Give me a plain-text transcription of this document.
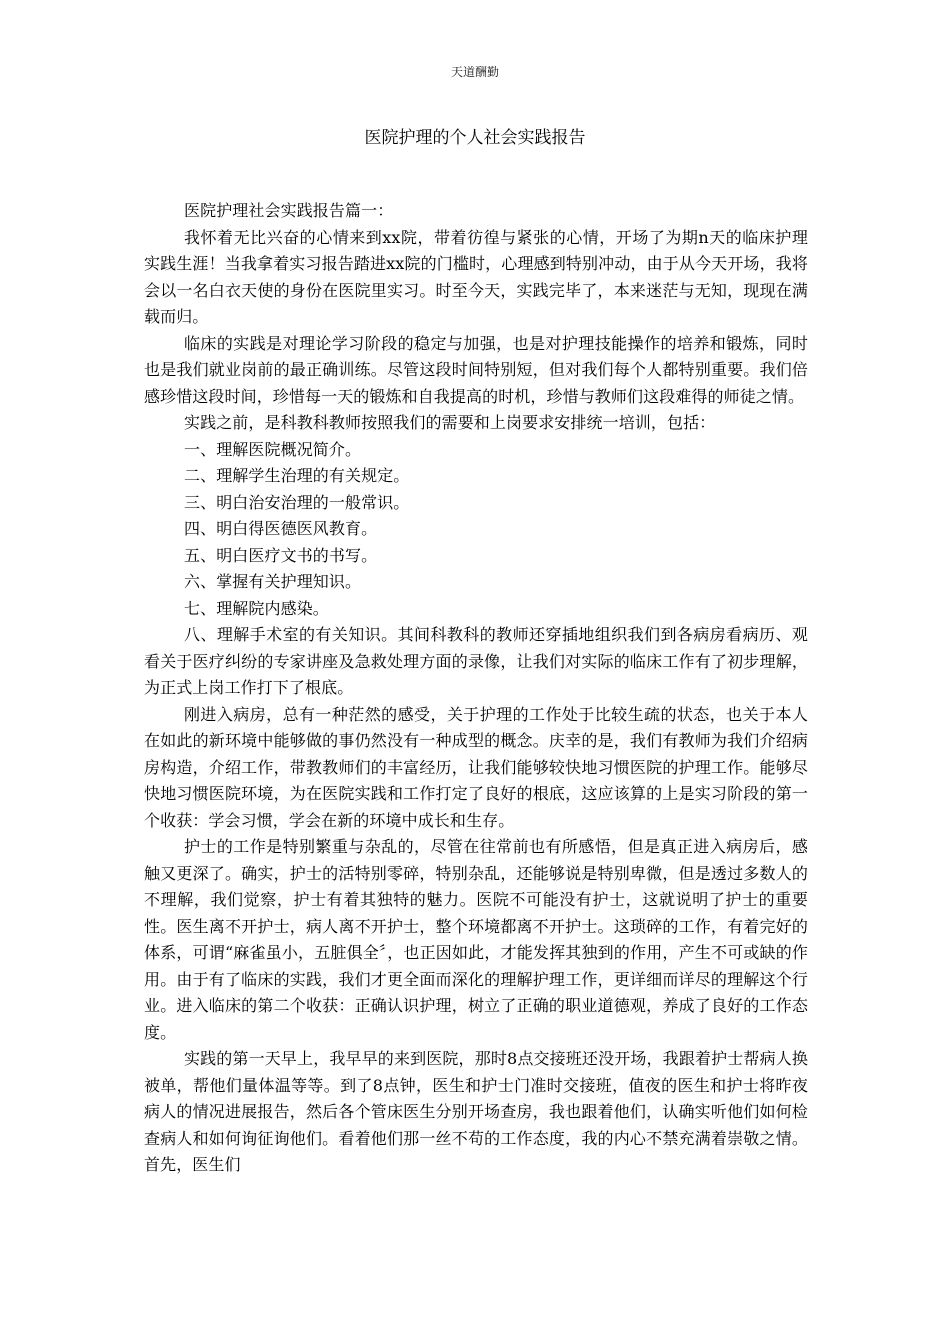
天道酬勤
医院护理的个人社会实践报告

医院护理社会实践报告篇一：

我怀着无比兴奋的心情来到xx院，带着彷徨与紧张的心情，开场了为期n天的临床护理实践生涯！当我拿着实习报告踏进xx院的门槛时，心理感到特别冲动，由于从今天开场，我将会以一名白衣天使的身份在医院里实习。时至今天，实践完毕了，本来迷茫与无知，现现在满载而归。

临床的实践是对理论学习阶段的稳定与加强，也是对护理技能操作的培养和锻炼，同时也是我们就业岗前的最正确训练。尽管这段时间特别短，但对我们每个人都特别重要。我们倍感珍惜这段时间，珍惜每一天的锻炼和自我提高的时机，珍惜与教师们这段难得的师徒之情。

实践之前，是科教科教师按照我们的需要和上岗要求安排统一培训，包括：

一、理解医院概况简介。

二、理解学生治理的有关规定。

三、明白治安治理的一般常识。

四、明白得医德医风教育。

五、明白医疗文书的书写。

六、掌握有关护理知识。

七、理解院内感染。

八、理解手术室的有关知识。其间科教科的教师还穿插地组织我们到各病房看病历、观看关于医疗纠纷的专家讲座及急救处理方面的录像，让我们对实际的临床工作有了初步理解，为正式上岗工作打下了根底。

刚进入病房，总有一种茫然的感受，关于护理的工作处于比较生疏的状态，也关于本人在如此的新环境中能够做的事仍然没有一种成型的概念。庆幸的是，我们有教师为我们介绍病房构造，介绍工作，带教教师们的丰富经历，让我们能够较快地习惯医院的护理工作。能够尽快地习惯医院环境，为在医院实践和工作打定了良好的根底，这应该算的上是实习阶段的第一个收获：学会习惯，学会在新的环境中成长和生存。

护士的工作是特别繁重与杂乱的，尽管在往常前也有所感悟，但是真正进入病房后，感触又更深了。确实，护士的活特别零碎，特别杂乱，还能够说是特别卑微，但是透过多数人的不理解，我们觉察，护士有着其独特的魅力。医院不可能没有护士，这就说明了护士的重要性。医生离不开护士，病人离不开护士，整个环境都离不开护士。这琐碎的工作，有着完好的体系，可谓“麻雀虽小，五脏俱全〞，也正因如此，才能发挥其独到的作用，产生不可或缺的作用。由于有了临床的实践，我们才更全面而深化的理解护理工作，更详细而详尽的理解这个行业。进入临床的第二个收获：正确认识护理，树立了正确的职业道德观，养成了良好的工作态度。

实践的第一天早上，我早早的来到医院，那时8点交接班还没开场，我跟着护士帮病人换被单，帮他们量体温等等。到了8点钟，医生和护士门准时交接班，值夜的医生和护士将昨夜病人的情况进展报告，然后各个管床医生分别开场查房，我也跟着他们，认确实听他们如何检查病人和如何询征询他们。看着他们那一丝不苟的工作态度，我的内心不禁充满着崇敬之情。首先，医生们
